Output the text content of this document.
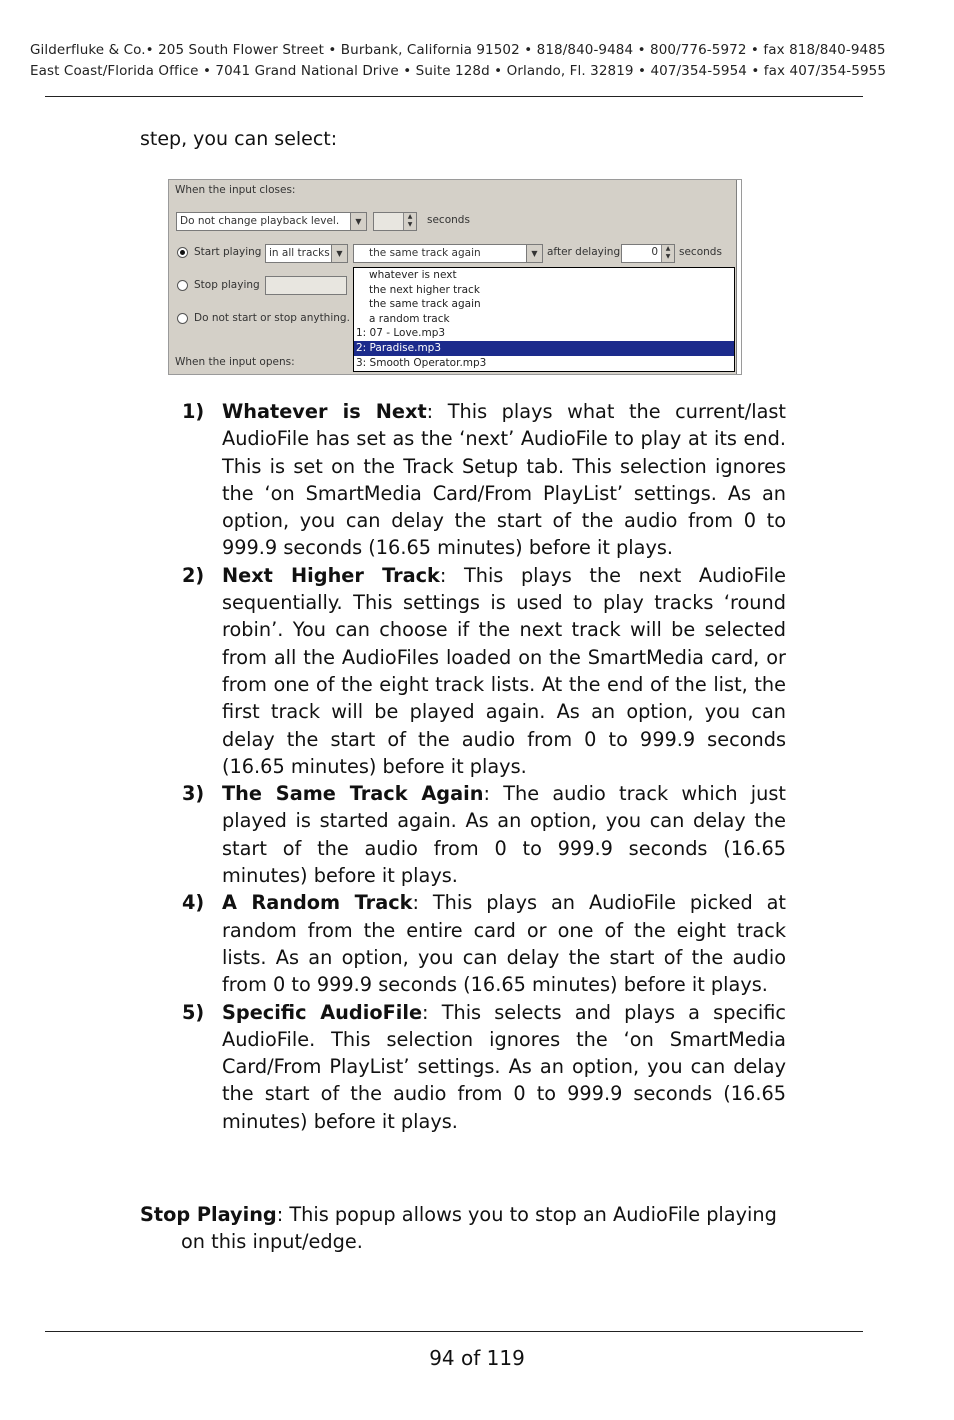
Gilderfluke & Co.• 205 South Flower Street • Burbank, California 91502 • 818/840-9484 • 800/776-5972 • fax 818/840-9485
East Coast/Florida Office • 7041 Grand National Drive • Suite 128d • Orlando, Fl. 32819 • 407/354-5954 • fax 407/354-5955
step, you can select:
When the input closes:
Do not change playback level.	▼
▲
▼	seconds
Start playing in all tracks ▼	the same track again	▼ after delaying	0	▲
▼ seconds
Stop playing
Do not start or stop anything.
When the input opens:
whatever is next
the next higher track
the same track again
a random track
1: 07 - Love.mp3
2: Paradise.mp3
3: Smooth Operator.mp3
1) Whatever is Next: This plays what the current/last AudioFile has set as the ‘next’ AudioFile to play at its end. This is set on the Track Setup tab. This selection ignores the ‘on SmartMedia Card/From PlayList’ settings. As an option, you can delay the start of the audio from 0 to 999.9 seconds (16.65 minutes) before it plays.
2) Next Higher Track: This plays the next AudioFile sequentially. This settings is used to play tracks ‘round robin’. You can choose if the next track will be selected from all the AudioFiles loaded on the SmartMedia card, or from one of the eight track lists. At the end of the list, the first track will be played again. As an option, you can delay the start of the audio from 0 to 999.9 seconds (16.65 minutes) before it plays.
3) The Same Track Again: The audio track which just played is started again. As an option, you can delay the start of the audio from 0 to 999.9 seconds (16.65 minutes) before it plays.
4) A Random Track: This plays an AudioFile picked at random from the entire card or one of the eight track lists. As an option, you can delay the start of the audio from 0 to 999.9 seconds (16.65 minutes) before it plays.
5) Specific AudioFile: This selects and plays a specific AudioFile. This selection ignores the ‘on SmartMedia Card/From PlayList’ settings. As an option, you can delay the start of the audio from 0 to 999.9 seconds (16.65 minutes) before it plays.
Stop Playing: This popup allows you to stop an AudioFile playing
on this input/edge.
94 of 119
